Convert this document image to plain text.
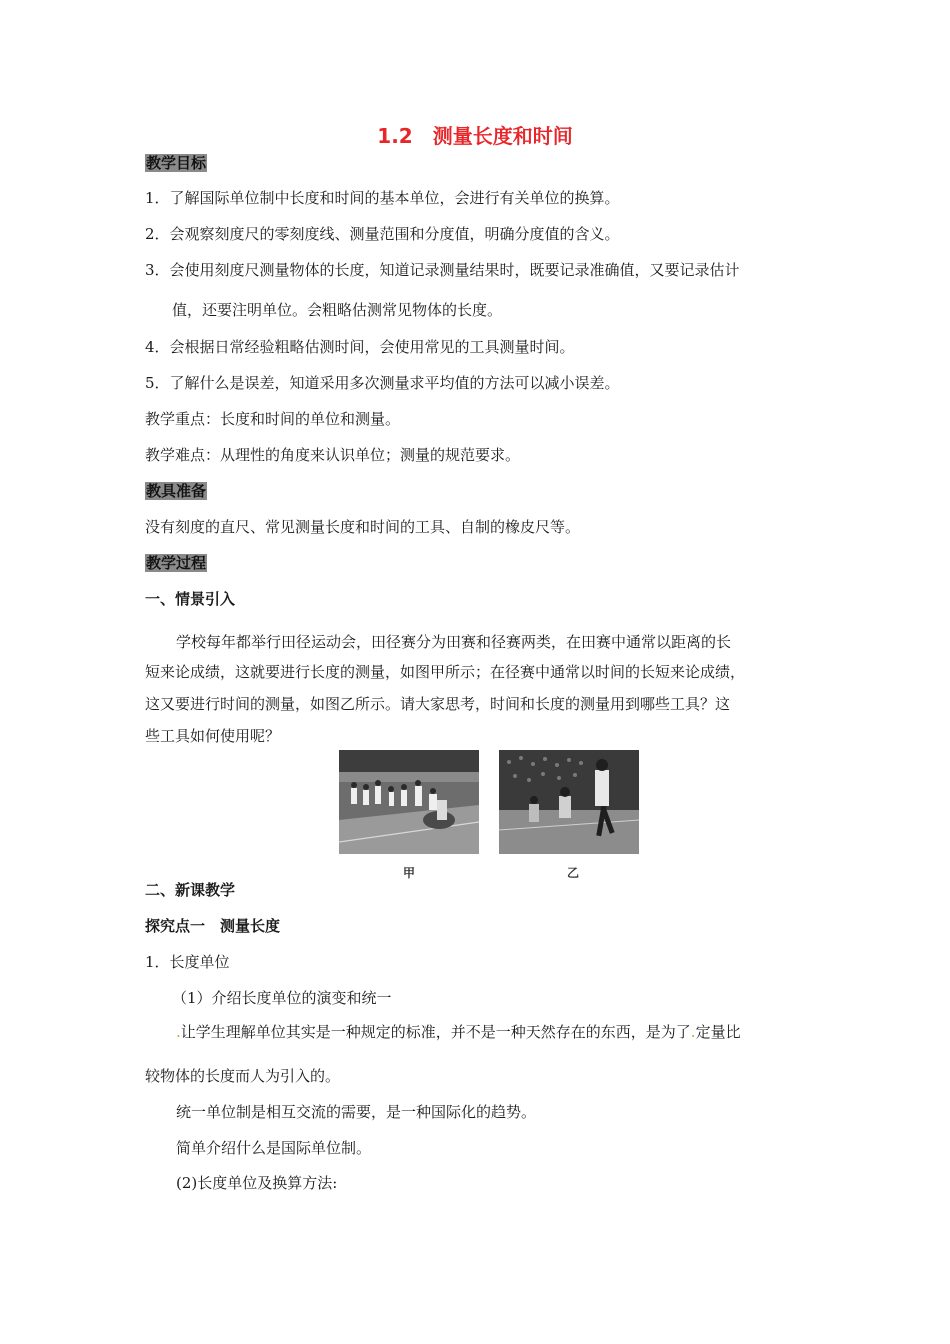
1.2　测量长度和时间
教学目标
1．了解国际单位制中长度和时间的基本单位，会进行有关单位的换算。
2．会观察刻度尺的零刻度线、测量范围和分度值，明确分度值的含义。
3．会使用刻度尺测量物体的长度，知道记录测量结果时，既要记录准确值，又要记录估计
值，还要注明单位。会粗略估测常见物体的长度。
4．会根据日常经验粗略估测时间，会使用常见的工具测量时间。
5．了解什么是误差，知道采用多次测量求平均值的方法可以减小误差。
教学重点：长度和时间的单位和测量。
教学难点：从理性的角度来认识单位；测量的规范要求。
教具准备
没有刻度的直尺、常见测量长度和时间的工具、自制的橡皮尺等。
教学过程
一、情景引入
学校每年都举行田径运动会，田径赛分为田赛和径赛两类，在田赛中通常以距离的长
短来论成绩，这就要进行长度的测量，如图甲所示；在径赛中通常以时间的长短来论成绩，
这又要进行时间的测量，如图乙所示。请大家思考，时间和长度的测量用到哪些工具？这
些工具如何使用呢？
甲	乙
二、新课教学
探究点一　测量长度
1．长度单位
（1）介绍长度单位的演变和统一
.让学生理解单位其实是一种规定的标准，并不是一种天然存在的东西，是为了.定量比
较物体的长度而人为引入的。
统一单位制是相互交流的需要，是一种国际化的趋势。
简单介绍什么是国际单位制。
(2)长度单位及换算方法:
